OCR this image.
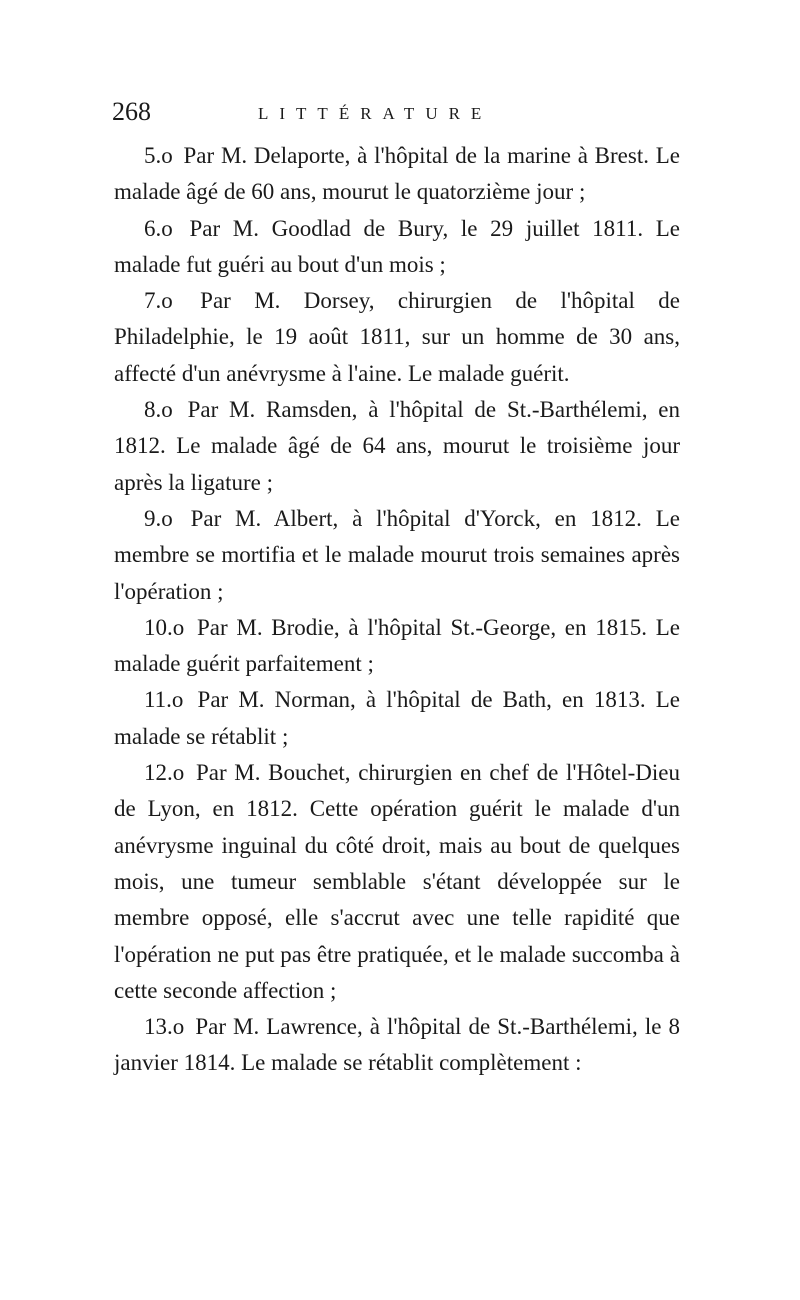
268	LITTÉRATURE

5.o Par M. Delaporte, à l'hôpital de la marine à Brest. Le malade âgé de 60 ans, mourut le quatorzième jour ;

6.o Par M. Goodlad de Bury, le 29 juillet 1811. Le malade fut guéri au bout d'un mois ;

7.o Par M. Dorsey, chirurgien de l'hôpital de Philadelphie, le 19 août 1811, sur un homme de 30 ans, affecté d'un anévrysme à l'aine. Le malade guérit.

8.o Par M. Ramsden, à l'hôpital de St.-Barthélemi, en 1812. Le malade âgé de 64 ans, mourut le troisième jour après la ligature ;

9.o Par M. Albert, à l'hôpital d'Yorck, en 1812. Le membre se mortifia et le malade mourut trois semaines après l'opération ;

10.o Par M. Brodie, à l'hôpital St.-George, en 1815. Le malade guérit parfaitement ;

11.o Par M. Norman, à l'hôpital de Bath, en 1813. Le malade se rétablit ;

12.o Par M. Bouchet, chirurgien en chef de l'Hôtel-Dieu de Lyon, en 1812. Cette opération guérit le malade d'un anévrysme inguinal du côté droit, mais au bout de quelques mois, une tumeur semblable s'étant développée sur le membre opposé, elle s'accrut avec une telle rapidité que l'opération ne put pas être pratiquée, et le malade succomba à cette seconde affection ;

13.o Par M. Lawrence, à l'hôpital de St.-Barthélemi, le 8 janvier 1814. Le malade se rétablit complètement :
